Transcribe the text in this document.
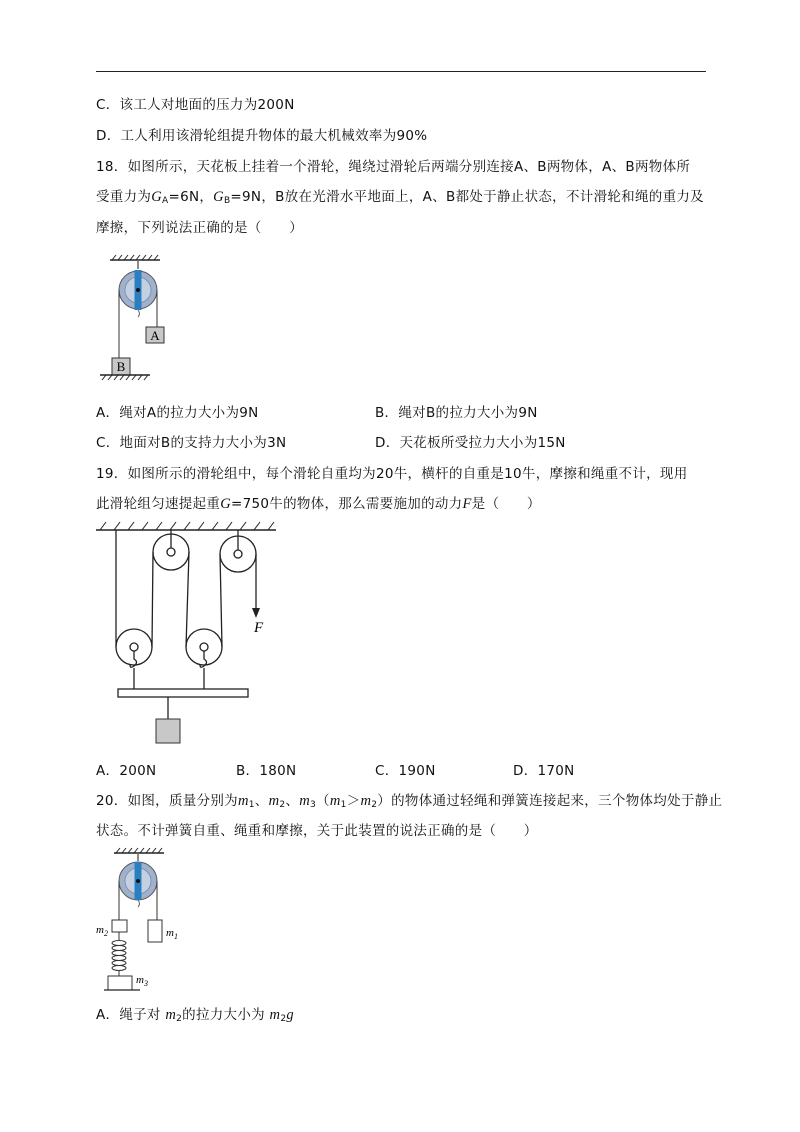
C．该工人对地面的压力为200N
D．工人利用该滑轮组提升物体的最大机械效率为90%
18．如图所示，天花板上挂着一个滑轮，绳绕过滑轮后两端分别连接A、B两物体，A、B两物体所
受重力为$G_A=6N$，$G_B=9N$，B放在光滑水平地面上，A、B都处于静止状态，不计滑轮和绳的重力及
摩擦，下列说法正确的是（　　）
A
B
A．绳对A的拉力大小为9N	B．绳对B的拉力大小为9N
C．地面对B的支持力大小为3N	D．天花板所受拉力大小为15N
19．如图所示的滑轮组中，每个滑轮自重均为20牛，横杆的自重是10牛，摩擦和绳重不计，现用
此滑轮组匀速提起重G=750牛的物体，那么需要施加的动力F是（　　）
F
A．200N	B．180N	C．190N	D．170N
20．如图，质量分别为$m_1$、$m_2$、$m_3(m_1>m_2)$的物体通过轻绳和弹簧连接起来，三个物体均处于静止
状态。不计弹簧自重、绳重和摩擦，关于此装置的说法正确的是（　　）
$m_2$	$m_1$
$m_3$
A．绳子对 $m_2$的拉力大小为 $m_2g$
